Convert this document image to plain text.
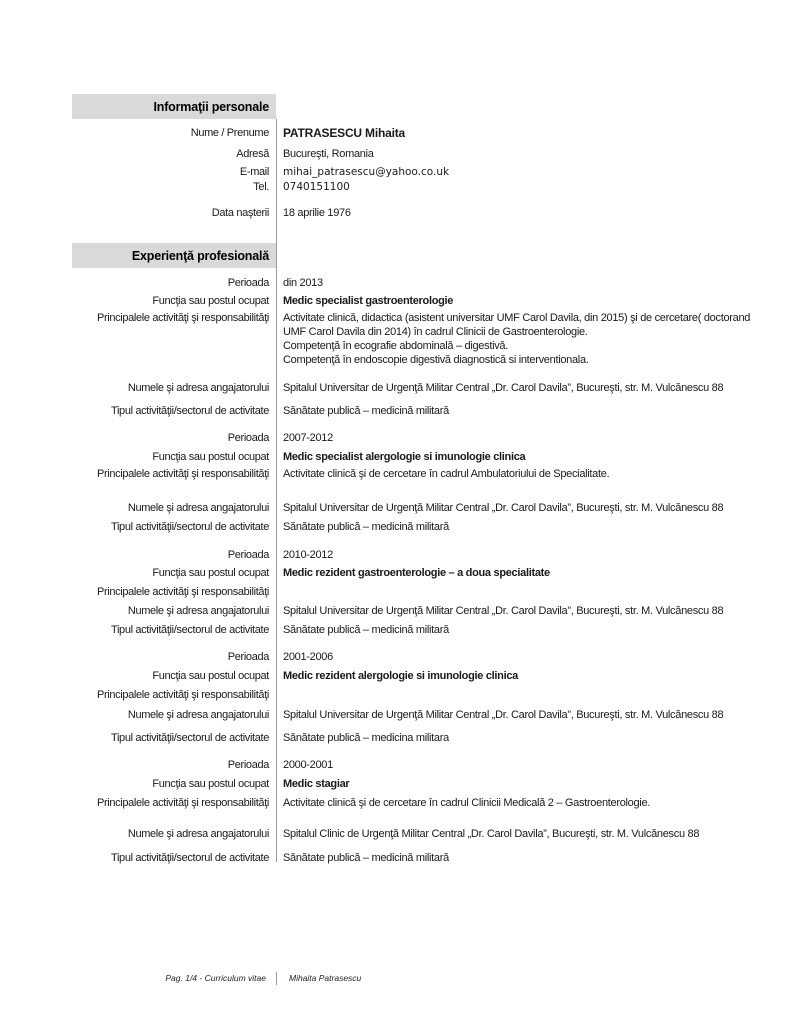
Informaţii personale
Nume / Prenume	PATRASESCU Mihaita
Adresă	Bucureşti, Romania
E-mail	mihai_patrasescu@yahoo.co.uk
Tel.	0740151100
Data naşterii	18 aprilie 1976
Experienţă profesională
Perioada	din 2013
Funcţia sau postul ocupat	Medic specialist gastroenterologie
Principalele activităţi şi responsabilităţi	Activitate clinică, didactica (asistent universitar UMF Carol Davila, din 2015) şi de cercetare( doctorand UMF Carol Davila din 2014) în cadrul Clinicii de Gastroenterologie.
Competenţă în ecografie abdominală – digestivă.
Competenţă în endoscopie digestivă diagnostică si interventionala.
Numele şi adresa angajatorului	Spitalul Universitar de Urgenţă Militar Central „Dr. Carol Davila”, Bucureşti, str. M. Vulcănescu 88
Tipul activităţii/sectorul de activitate	Sănătate publică – medicină militară
Perioada	2007-2012
Funcţia sau postul ocupat	Medic specialist alergologie si imunologie clinica
Principalele activităţi şi responsabilităţi	Activitate clinică şi de cercetare în cadrul Ambulatoriului de Specialitate.
Numele şi adresa angajatorului	Spitalul Universitar de Urgenţă Militar Central „Dr. Carol Davila”, Bucureşti, str. M. Vulcănescu 88
Tipul activităţii/sectorul de activitate	Sănătate publică – medicină militară
Perioada	2010-2012
Funcţia sau postul ocupat	Medic rezident gastroenterologie – a doua specialitate
Principalele activităţi şi responsabilităţi
Numele şi adresa angajatorului	Spitalul Universitar de Urgenţă Militar Central „Dr. Carol Davila”, Bucureşti, str. M. Vulcănescu 88
Tipul activităţii/sectorul de activitate	Sănătate publică – medicină militară
Perioada	2001-2006
Funcţia sau postul ocupat	Medic rezident alergologie si imunologie clinica
Principalele activităţi şi responsabilităţi
Numele şi adresa angajatorului	Spitalul Universitar de Urgenţă Militar Central „Dr. Carol Davila”, Bucureşti, str. M. Vulcănescu 88
Tipul activităţii/sectorul de activitate	Sănătate publică – medicina militara
Perioada	2000-2001
Funcţia sau postul ocupat	Medic stagiar
Principalele activităţi şi responsabilităţi	Activitate clinică şi de cercetare în cadrul Clinicii Medicală 2 – Gastroenterologie.
Numele şi adresa angajatorului	Spitalul Clinic de Urgenţă Militar Central „Dr. Carol Davila”, Bucureşti, str. M. Vulcănescu 88
Tipul activităţii/sectorul de activitate	Sănătate publică – medicină militară
Pag. 1/4 - Curriculum vitae	Mihaita Patrasescu
